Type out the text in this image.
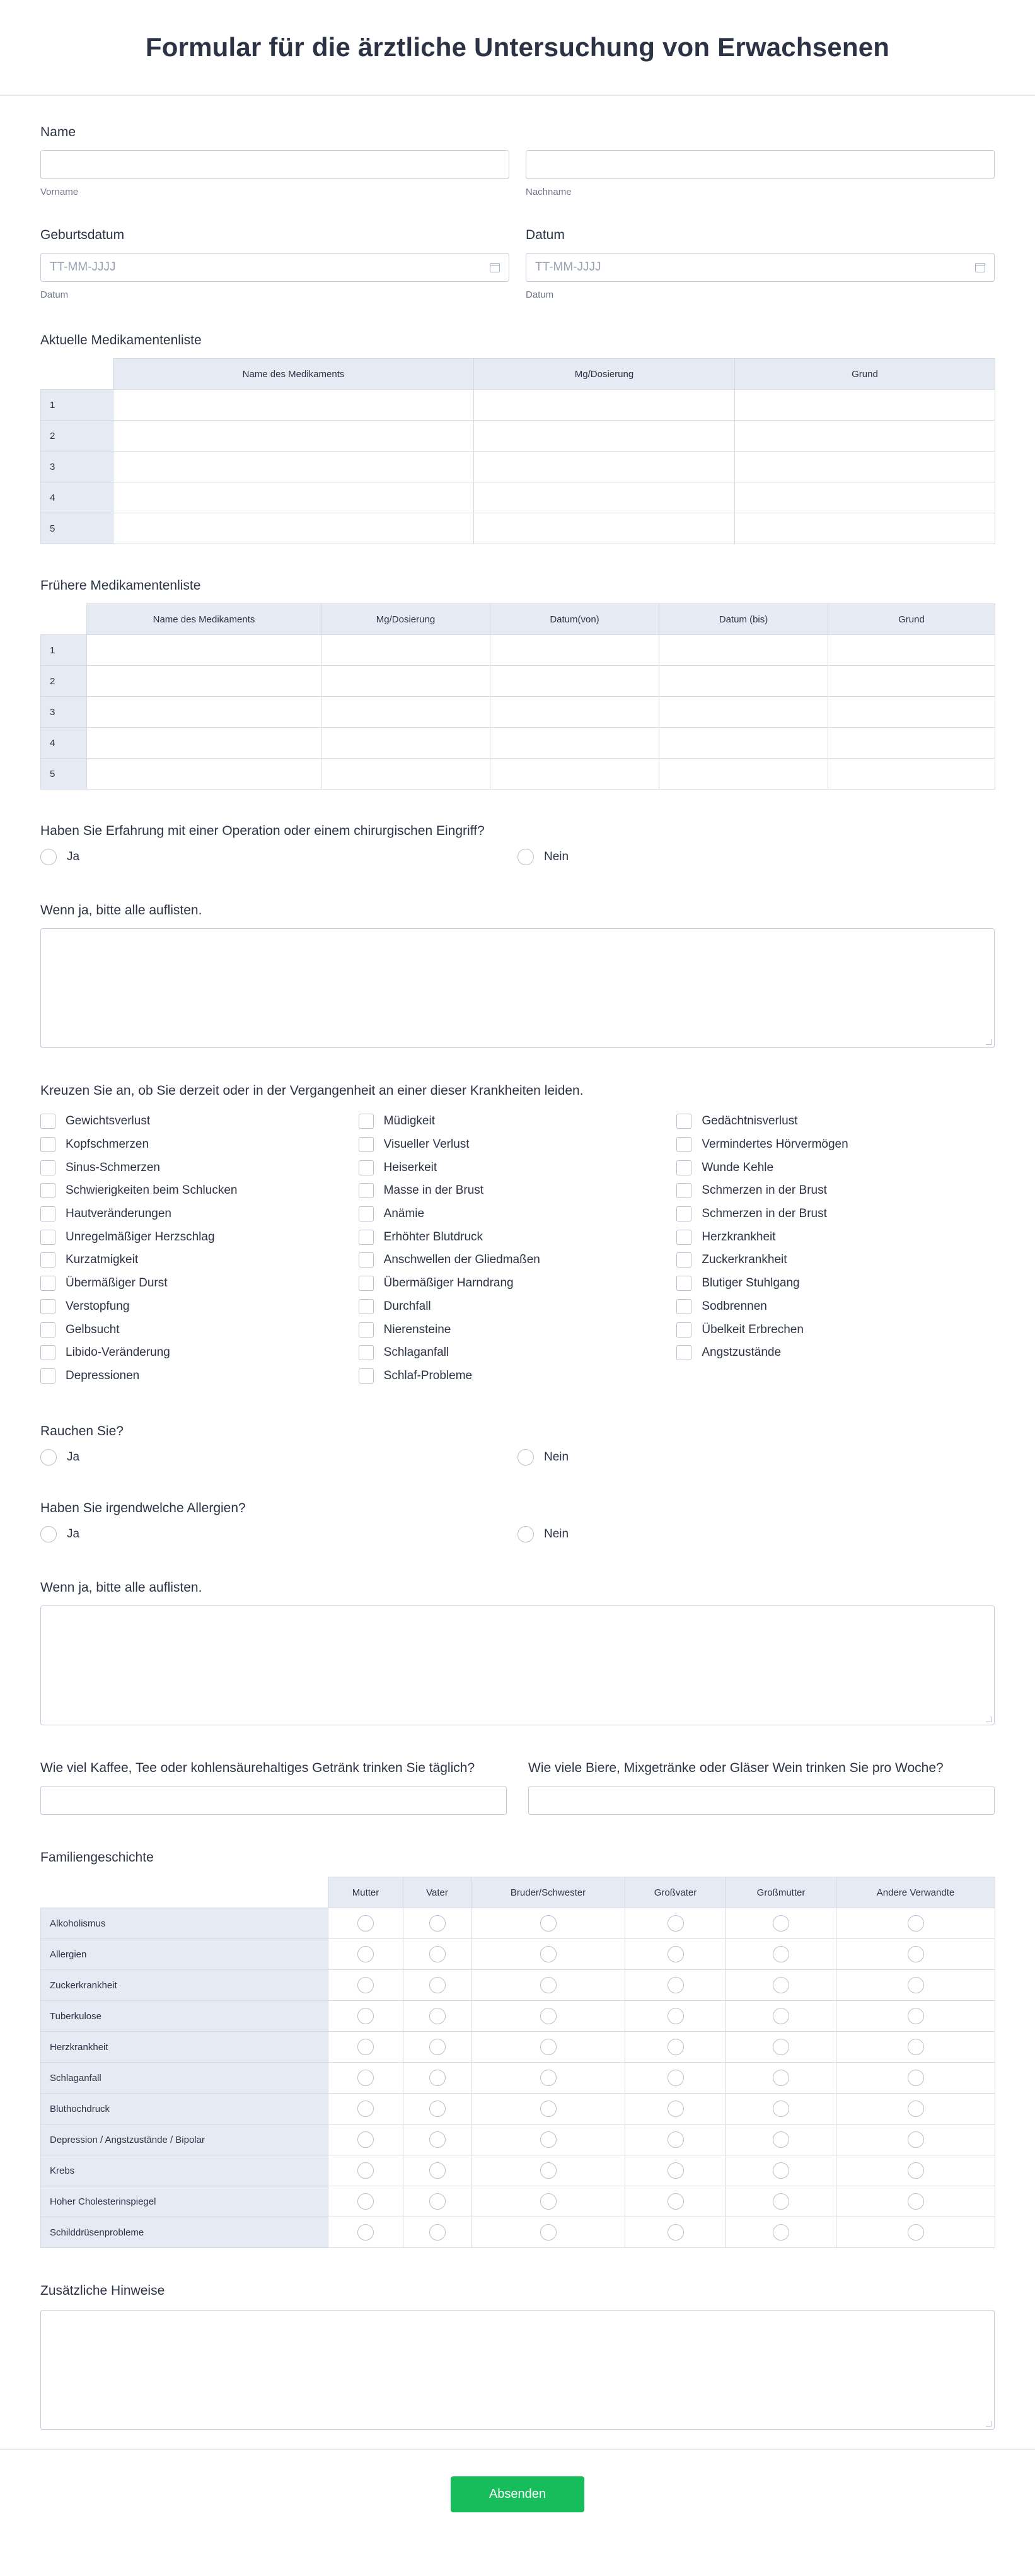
Formular für die ärztliche Untersuchung von Erwachsenen
Name
Vorname	Nachname
Geburtsdatum
TT-MM-JJJJ
Datum
Datum
TT-MM-JJJJ
Datum
Aktuelle Medikamentenliste
	Name des Medikaments	Mg/Dosierung	Grund
1			
2			
3			
4			
5			
Frühere Medikamentenliste
	Name des Medikaments	Mg/Dosierung	Datum(von)	Datum (bis)	Grund
1					
2					
3					
4					
5					
Haben Sie Erfahrung mit einer Operation oder einem chirurgischen Eingriff?
Ja	Nein
Wenn ja, bitte alle auflisten.
Kreuzen Sie an, ob Sie derzeit oder in der Vergangenheit an einer dieser Krankheiten leiden.
Gewichtsverlust
Kopfschmerzen
Sinus-Schmerzen
Schwierigkeiten beim Schlucken
Hautveränderungen
Unregelmäßiger Herzschlag
Kurzatmigkeit
Übermäßiger Durst
Verstopfung
Gelbsucht
Libido-Veränderung
Depressionen
Müdigkeit
Visueller Verlust
Heiserkeit
Masse in der Brust
Anämie
Erhöhter Blutdruck
Anschwellen der Gliedmaßen
Übermäßiger Harndrang
Durchfall
Nierensteine
Schlaganfall
Schlaf-Probleme
Gedächtnisverlust
Vermindertes Hörvermögen
Wunde Kehle
Schmerzen in der Brust
Schmerzen in der Brust
Herzkrankheit
Zuckerkrankheit
Blutiger Stuhlgang
Sodbrennen
Übelkeit Erbrechen
Angstzustände
Rauchen Sie?
Ja	Nein
Haben Sie irgendwelche Allergien?
Ja	Nein
Wenn ja, bitte alle auflisten.
Wie viel Kaffee, Tee oder kohlensäurehaltiges Getränk trinken Sie täglich?	Wie viele Biere, Mixgetränke oder Gläser Wein trinken Sie pro Woche?
Familiengeschichte
	Mutter	Vater	Bruder/Schwester	Großvater	Großmutter	Andere Verwandte
Alkoholismus						
Allergien						
Zuckerkrankheit						
Tuberkulose						
Herzkrankheit						
Schlaganfall						
Bluthochdruck						
Depression / Angstzustände / Bipolar						
Krebs						
Hoher Cholesterinspiegel						
Schilddrüsenprobleme						
Zusätzliche Hinweise
Absenden
